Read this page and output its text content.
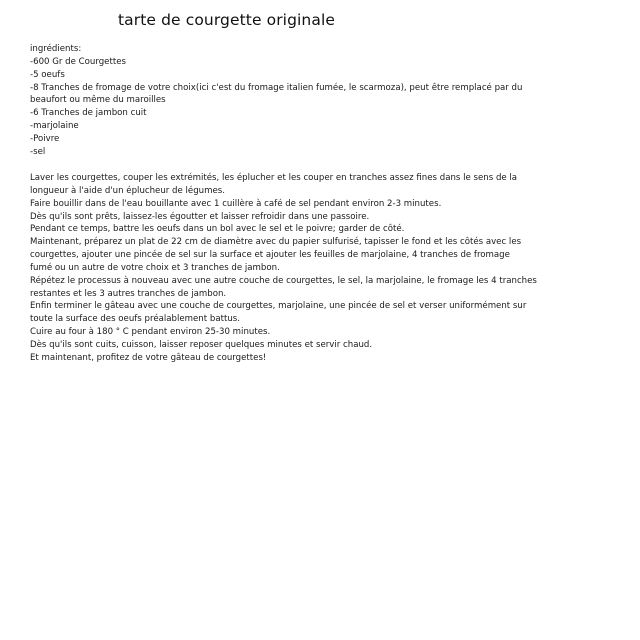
tarte de courgette originale
ingrédients:
-600 Gr de Courgettes
-5 oeufs
-8 Tranches de fromage de votre choix(ici c'est du fromage italien fumée, le scarmoza), peut être remplacé par du
beaufort ou même du maroilles
-6 Tranches de jambon cuit
-marjolaine
-Poivre
-sel
Laver les courgettes, couper les extrémités, les éplucher et les couper en tranches assez fines dans le sens de la
longueur à l'aide d'un éplucheur de légumes.
Faire bouillir dans de l'eau bouillante avec 1 cuillère à café de sel pendant environ 2-3 minutes.
Dès qu'ils sont prêts, laissez-les égoutter et laisser refroidir dans une passoire.
Pendant ce temps, battre les oeufs dans un bol avec le sel et le poivre; garder de côté.
Maintenant, préparez un plat de 22 cm de diamètre avec du papier sulfurisé, tapisser le fond et les côtés avec les
courgettes, ajouter une pincée de sel sur la surface et ajouter les feuilles de marjolaine, 4 tranches de fromage
fumé ou un autre de votre choix et 3 tranches de jambon.
Répétez le processus à nouveau avec une autre couche de courgettes, le sel, la marjolaine, le fromage les 4 tranches
restantes et les 3 autres tranches de jambon.
Enfin terminer le gâteau avec une couche de courgettes, marjolaine, une pincée de sel et verser uniformément sur
toute la surface des oeufs préalablement battus.
Cuire au four à 180 ° C pendant environ 25-30 minutes.
Dès qu'ils sont cuits, cuisson, laisser reposer quelques minutes et servir chaud.
Et maintenant, profitez de votre gâteau de courgettes!
